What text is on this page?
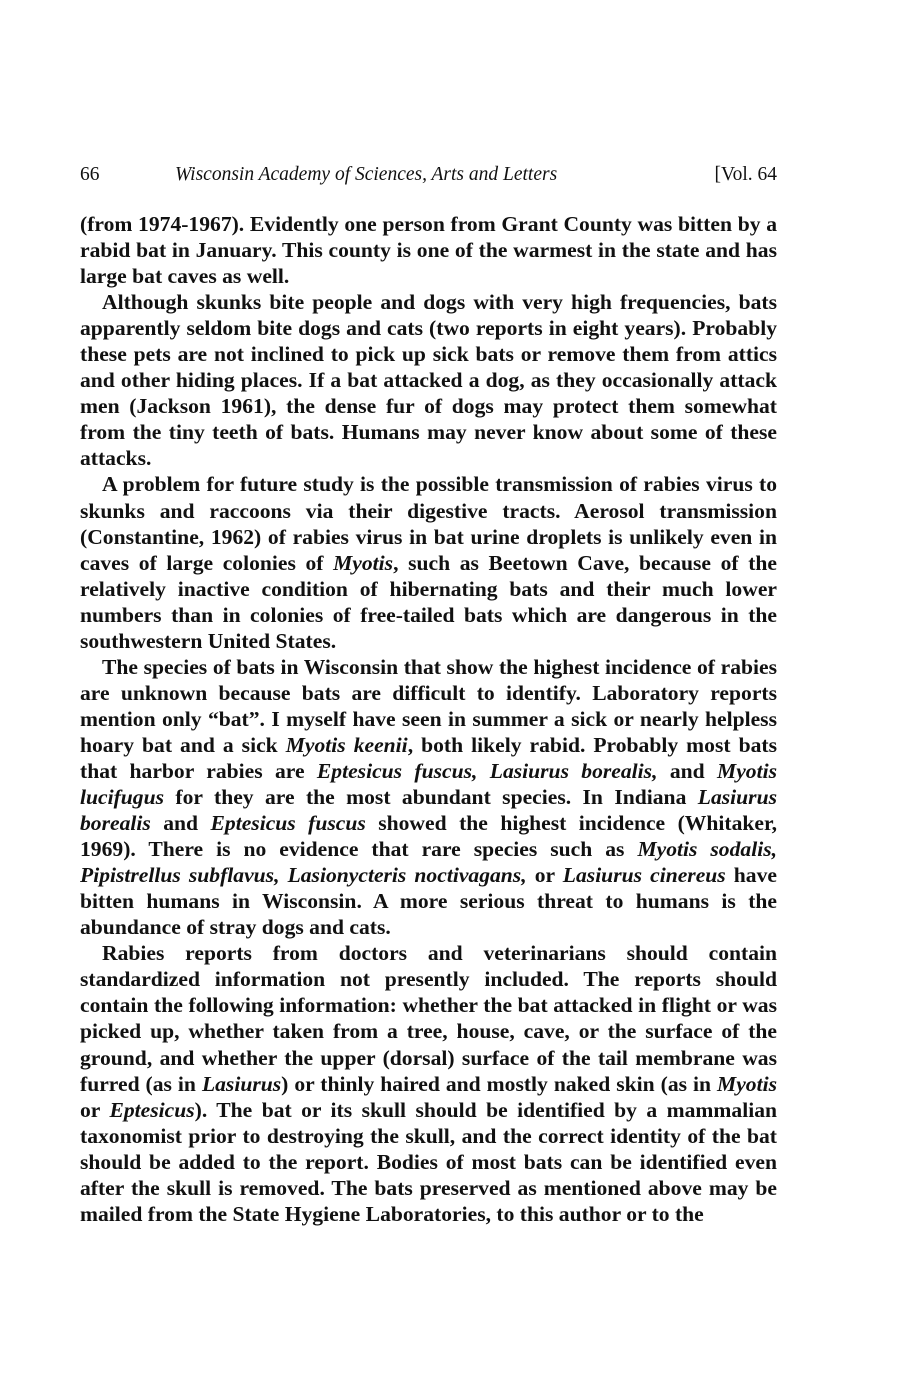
66	Wisconsin Academy of Sciences, Arts and Letters	[Vol. 64

(from 1974-1967). Evidently one person from Grant County was bitten by a rabid bat in January. This county is one of the warmest in the state and has large bat caves as well.

Although skunks bite people and dogs with very high frequencies, bats apparently seldom bite dogs and cats (two reports in eight years). Probably these pets are not inclined to pick up sick bats or remove them from attics and other hiding places. If a bat attacked a dog, as they occasionally attack men (Jackson 1961), the dense fur of dogs may protect them somewhat from the tiny teeth of bats. Humans may never know about some of these attacks.

A problem for future study is the possible transmission of rabies virus to skunks and raccoons via their digestive tracts. Aerosol transmission (Constantine, 1962) of rabies virus in bat urine droplets is unlikely even in caves of large colonies of Myotis, such as Beetown Cave, because of the relatively inactive condition of hibernating bats and their much lower numbers than in colonies of free-tailed bats which are dangerous in the southwestern United States.

The species of bats in Wisconsin that show the highest incidence of rabies are unknown because bats are difficult to identify. Laboratory reports mention only “bat”. I myself have seen in summer a sick or nearly helpless hoary bat and a sick Myotis keenii, both likely rabid. Probably most bats that harbor rabies are Eptesicus fuscus, Lasiurus borealis, and Myotis lucifugus for they are the most abundant species. In Indiana Lasiurus borealis and Eptesicus fuscus showed the highest incidence (Whitaker, 1969). There is no evidence that rare species such as Myotis sodalis, Pipistrellus subflavus, Lasionycteris noctivagans, or Lasiurus cinereus have bitten humans in Wisconsin. A more serious threat to humans is the abundance of stray dogs and cats.

Rabies reports from doctors and veterinarians should contain standardized information not presently included. The reports should contain the following information: whether the bat attacked in flight or was picked up, whether taken from a tree, house, cave, or the surface of the ground, and whether the upper (dorsal) surface of the tail membrane was furred (as in Lasiurus) or thinly haired and mostly naked skin (as in Myotis or Eptesicus). The bat or its skull should be identified by a mammalian taxonomist prior to destroying the skull, and the correct identity of the bat should be added to the report. Bodies of most bats can be identified even after the skull is removed. The bats preserved as mentioned above may be mailed from the State Hygiene Laboratories, to this author or to the
